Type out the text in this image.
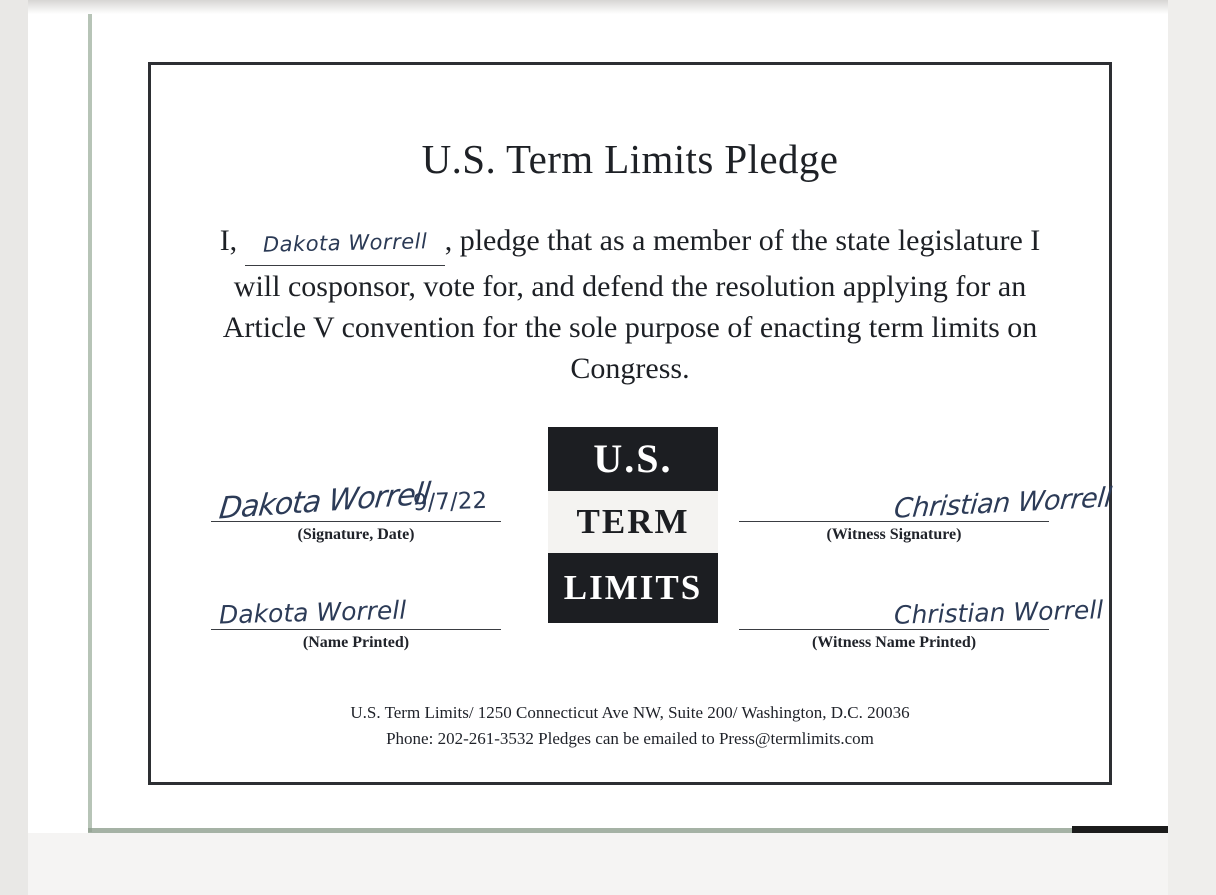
U.S. Term Limits Pledge
I, Dakota Worrell , pledge that as a member of the state legislature I will cosponsor, vote for, and defend the resolution applying for an Article V convention for the sole purpose of enacting term limits on Congress.
U.S.
TERM
LIMITS
Dakota Worrell
9/7/22
(Signature, Date)
Christian Worrell
(Witness Signature)
Dakota Worrell
(Name Printed)
Christian Worrell
(Witness Name Printed)
U.S. Term Limits/ 1250 Connecticut Ave NW, Suite 200/ Washington, D.C. 20036
Phone: 202-261-3532 Pledges can be emailed to Press@termlimits.com
